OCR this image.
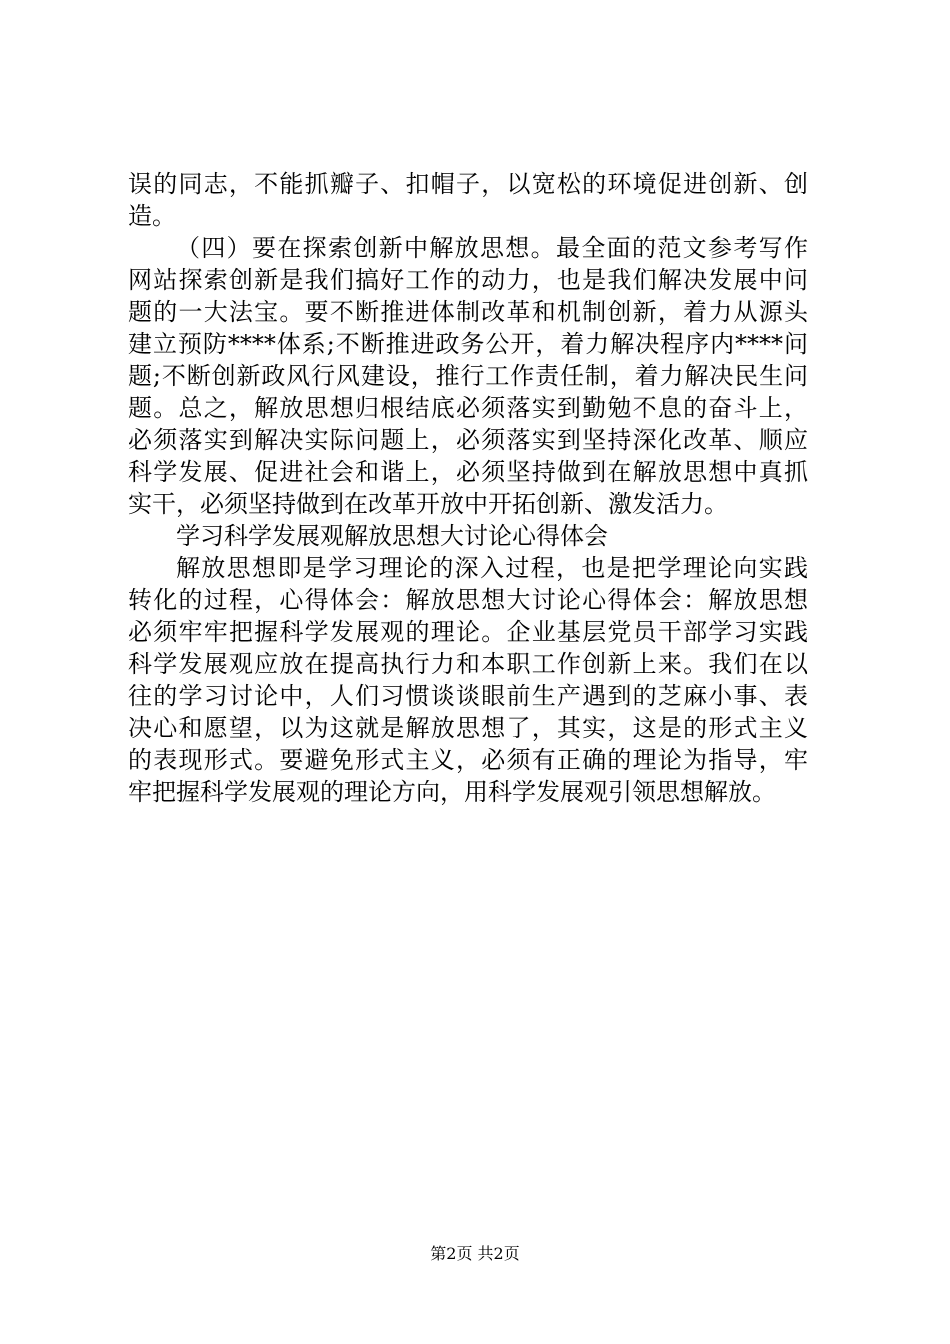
误的同志，不能抓瓣子、扣帽子，以宽松的环境促进创新、创
造。
（四）要在探索创新中解放思想。最全面的范文参考写作
网站探索创新是我们搞好工作的动力，也是我们解决发展中问
题的一大法宝。要不断推进体制改革和机制创新，着力从源头
建立预防****体系;不断推进政务公开，着力解决程序内****问
题;不断创新政风行风建设，推行工作责任制，着力解决民生问
题。总之，解放思想归根结底必须落实到勤勉不息的奋斗上，
必须落实到解决实际问题上，必须落实到坚持深化改革、顺应
科学发展、促进社会和谐上，必须坚持做到在解放思想中真抓
实干，必须坚持做到在改革开放中开拓创新、激发活力。
学习科学发展观解放思想大讨论心得体会
解放思想即是学习理论的深入过程，也是把学理论向实践
转化的过程，心得体会：解放思想大讨论心得体会：解放思想
必须牢牢把握科学发展观的理论。企业基层党员干部学习实践
科学发展观应放在提高执行力和本职工作创新上来。我们在以
往的学习讨论中，人们习惯谈谈眼前生产遇到的芝麻小事、表
决心和愿望，以为这就是解放思想了，其实，这是的形式主义
的表现形式。要避免形式主义，必须有正确的理论为指导，牢
牢把握科学发展观的理论方向，用科学发展观引领思想解放。
第2页 共2页
